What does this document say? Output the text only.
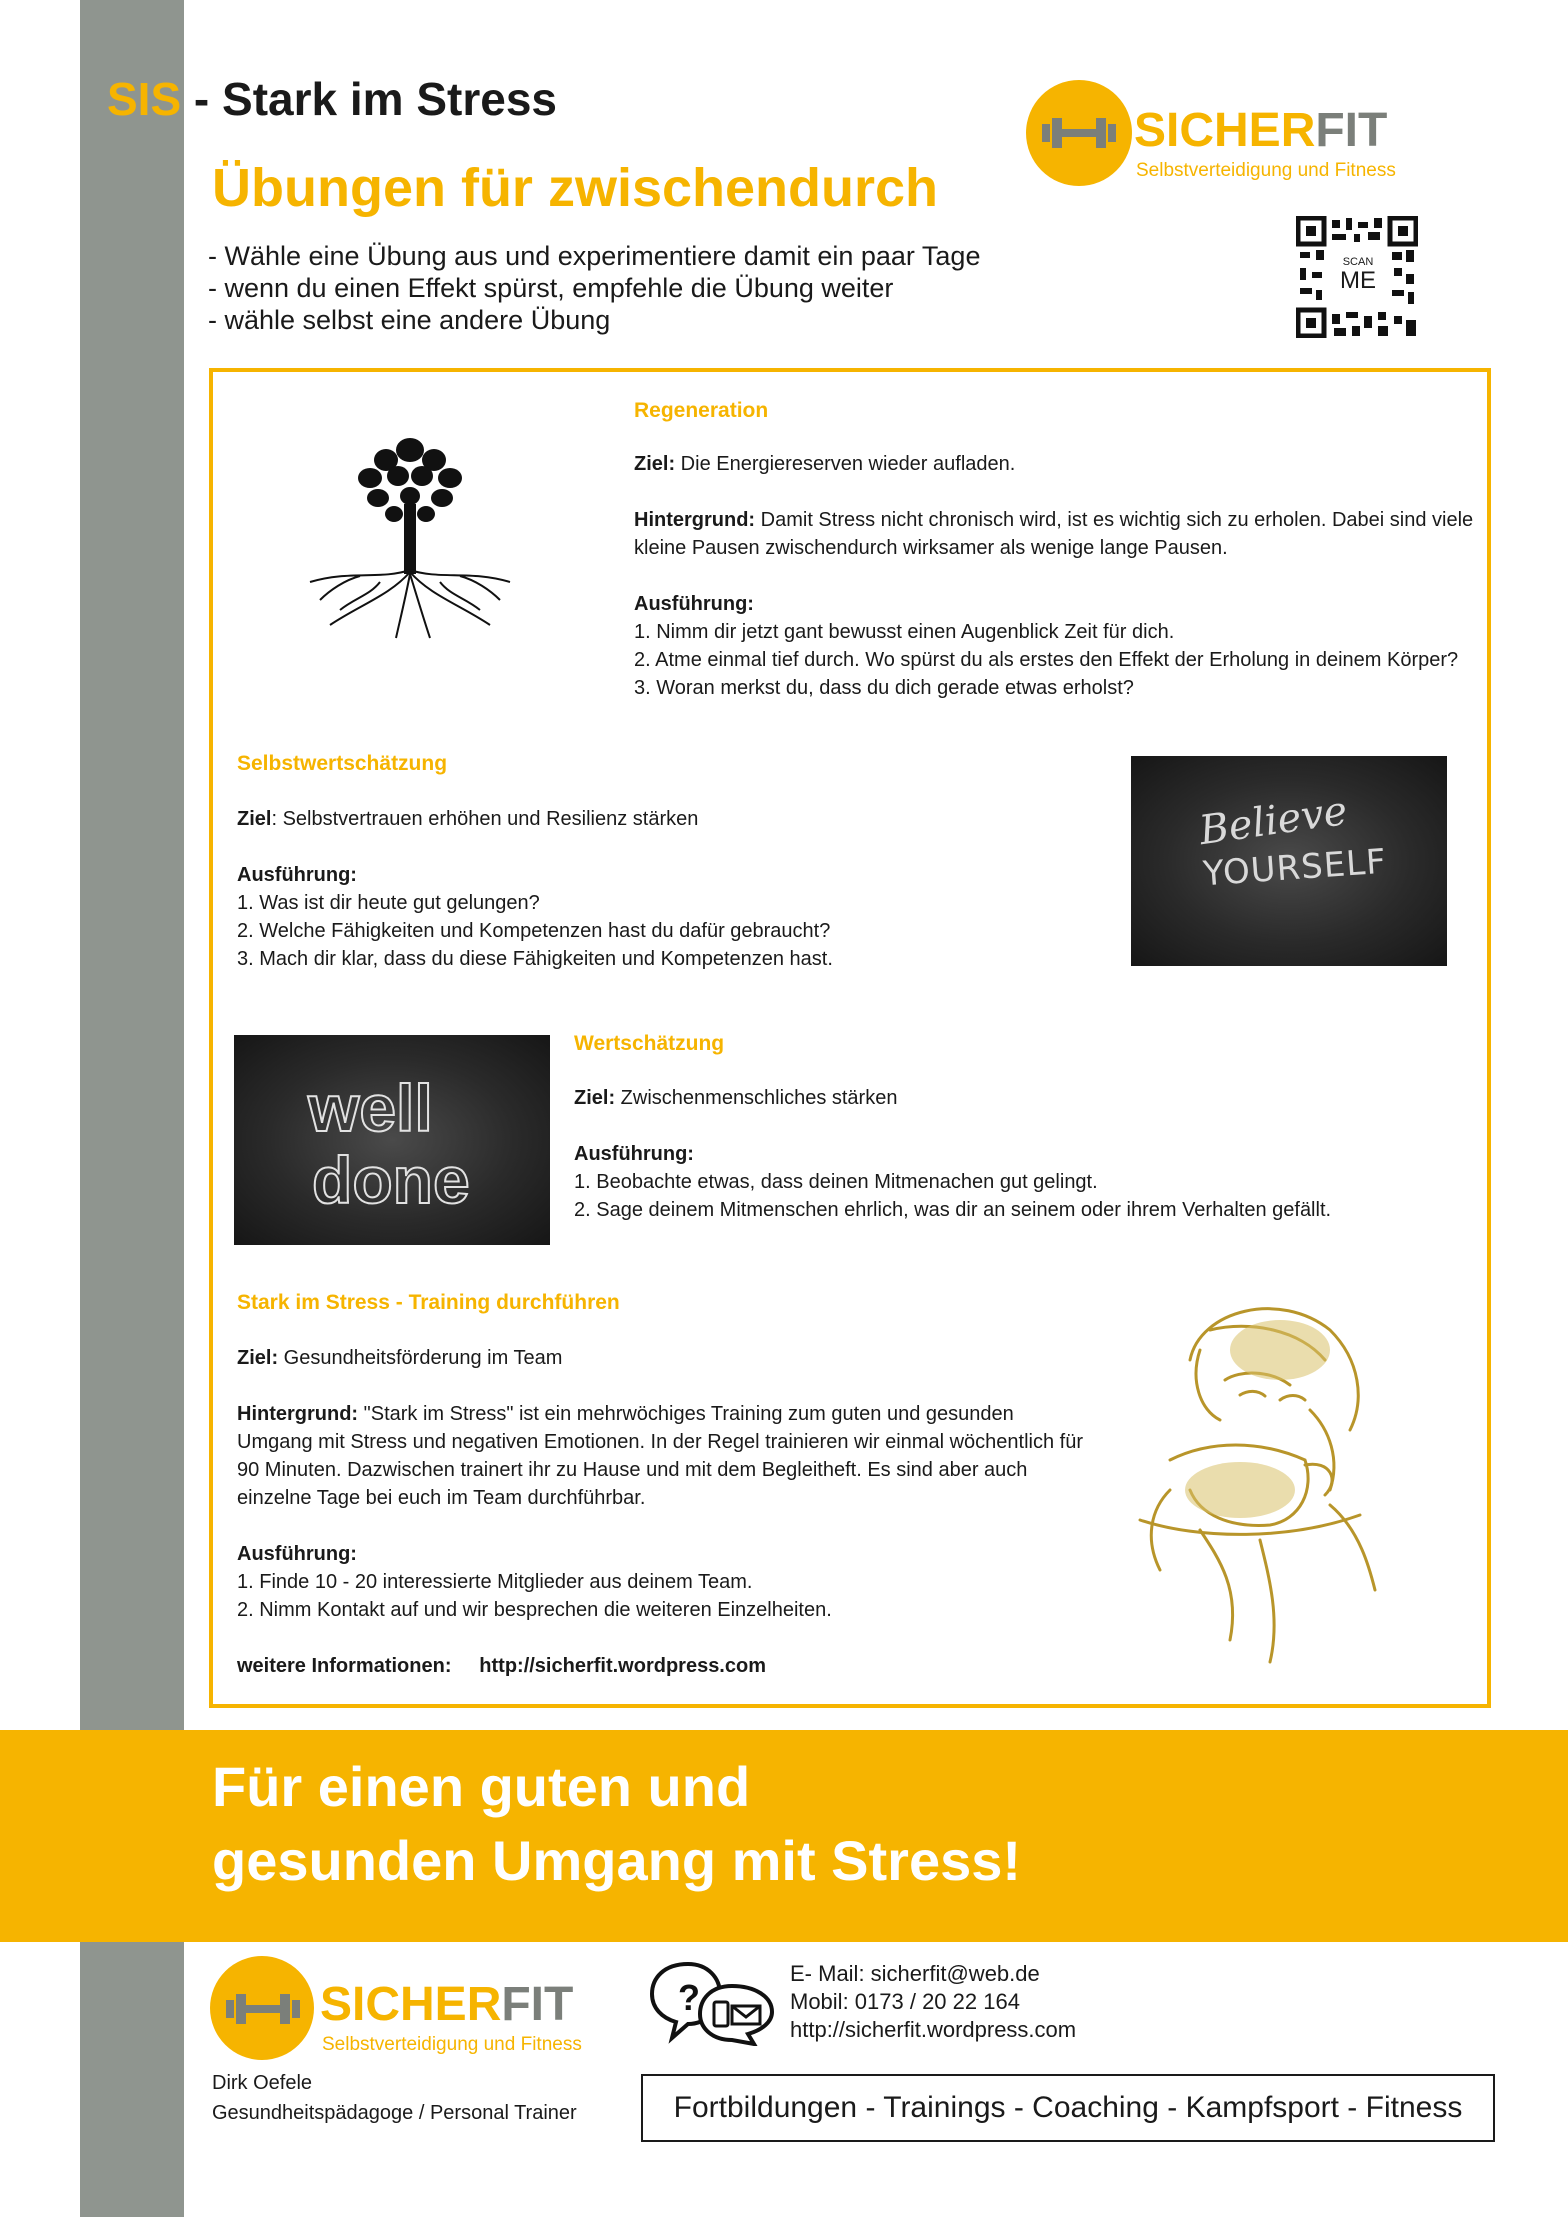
SIS - Stark im Stress
Übungen für zwischendurch
- Wähle eine Übung aus und experimentiere damit ein paar Tage
- wenn du einen Effekt spürst, empfehle die Übung weiter
- wähle selbst eine andere Übung
SICHERFIT
Selbstverteidigung und Fitness
SCAN
ME
Regeneration

Ziel: Die Energiereserven wieder aufladen.

Hintergrund: Damit Stress nicht chronisch wird, ist es wichtig sich zu erholen. Dabei sind viele kleine Pausen zwischendurch wirksamer als wenige lange Pausen.

Ausführung:

1. Nimm dir jetzt gant bewusst einen Augenblick Zeit für dich.

2. Atme einmal tief durch. Wo spürst du als erstes den Effekt der Erholung in deinem Körper?

3. Woran merkst du, dass du dich gerade etwas erholst?

Selbstwertschätzung

Ziel: Selbstvertrauen erhöhen und Resilienz stärken

Ausführung:

1. Was ist dir heute gut gelungen?

2. Welche Fähigkeiten und Kompetenzen hast du dafür gebraucht?

3. Mach dir klar, dass du diese Fähigkeiten und Kompetenzen hast.

Believe
YOURSELF
well
done
Wertschätzung

Ziel: Zwischenmenschliches stärken

Ausführung:

1. Beobachte etwas, dass deinen Mitmenachen gut gelingt.

2. Sage deinem Mitmenschen ehrlich, was dir an seinem oder ihrem Verhalten gefällt.

Stark im Stress - Training durchführen

Ziel: Gesundheitsförderung im Team

Hintergrund: "Stark im Stress" ist ein mehrwöchiges Training zum guten und gesunden Umgang mit Stress und negativen Emotionen. In der Regel trainieren wir einmal wöchentlich für 90 Minuten. Dazwischen trainert ihr zu Hause und mit dem Begleitheft. Es sind aber auch einzelne Tage bei euch im Team durchführbar.

Ausführung:

1. Finde 10 - 20 interessierte Mitglieder aus deinem Team.

2. Nimm Kontakt auf und wir besprechen die weiteren Einzelheiten.

weitere Informationen: http://sicherfit.wordpress.com

Für einen guten und
gesunden Umgang mit Stress!
SICHERFIT
Selbstverteidigung und Fitness
?
E- Mail: sicherfit@web.de
Mobil: 0173 / 20 22 164
http://sicherfit.wordpress.com
Dirk Oefele
Gesundheitspädagoge / Personal Trainer	Fortbildungen - Trainings - Coaching - Kampfsport - Fitness
